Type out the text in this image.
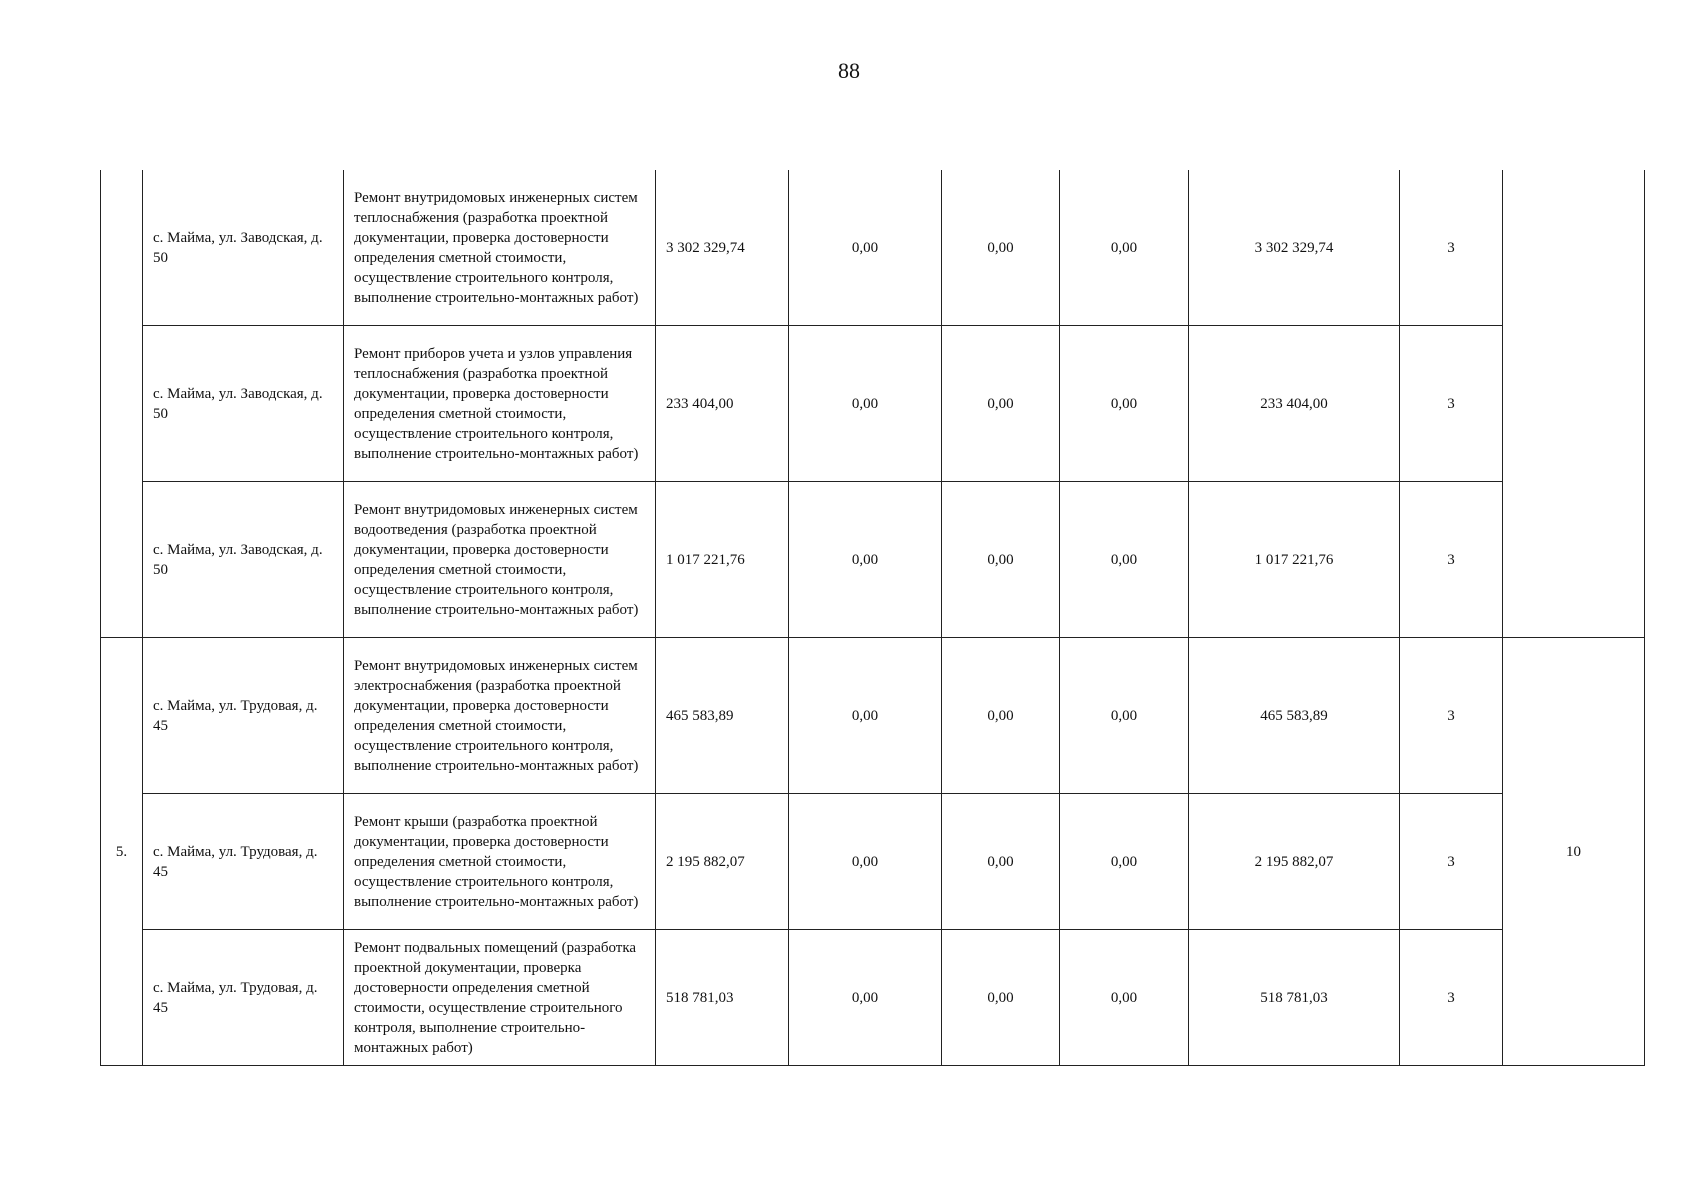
88
	с. Майма, ул. Заводская, д. 50	Ремонт внутридомовых инженерных систем теплоснабжения (разработка проектной документации, проверка достоверности определения сметной стоимости, осуществление строительного контроля, выполнение строительно-монтажных работ)	3 302 329,74	0,00	0,00	0,00	3 302 329,74	3	
	с. Майма, ул. Заводская, д. 50	Ремонт приборов учета и узлов управления теплоснабжения (разработка проектной документации, проверка достоверности определения сметной стоимости, осуществление строительного контроля, выполнение строительно-монтажных работ)	233 404,00	0,00	0,00	0,00	233 404,00	3	
	с. Майма, ул. Заводская, д. 50	Ремонт внутридомовых инженерных систем водоотведения (разработка проектной документации, проверка достоверности определения сметной стоимости, осуществление строительного контроля, выполнение строительно-монтажных работ)	1 017 221,76	0,00	0,00	0,00	1 017 221,76	3	
5.	с. Майма, ул. Трудовая, д. 45	Ремонт внутридомовых инженерных систем электроснабжения (разработка проектной документации, проверка достоверности определения сметной стоимости, осуществление строительного контроля, выполнение строительно-монтажных работ)	465 583,89	0,00	0,00	0,00	465 583,89	3	10
	с. Майма, ул. Трудовая, д. 45	Ремонт крыши (разработка проектной документации, проверка достоверности определения сметной стоимости, осуществление строительного контроля, выполнение строительно-монтажных работ)	2 195 882,07	0,00	0,00	0,00	2 195 882,07	3	
	с. Майма, ул. Трудовая, д. 45	Ремонт подвальных помещений (разработка проектной документации, проверка достоверности определения сметной стоимости, осуществление строительного контроля, выполнение строительно-монтажных работ)	518 781,03	0,00	0,00	0,00	518 781,03	3	
